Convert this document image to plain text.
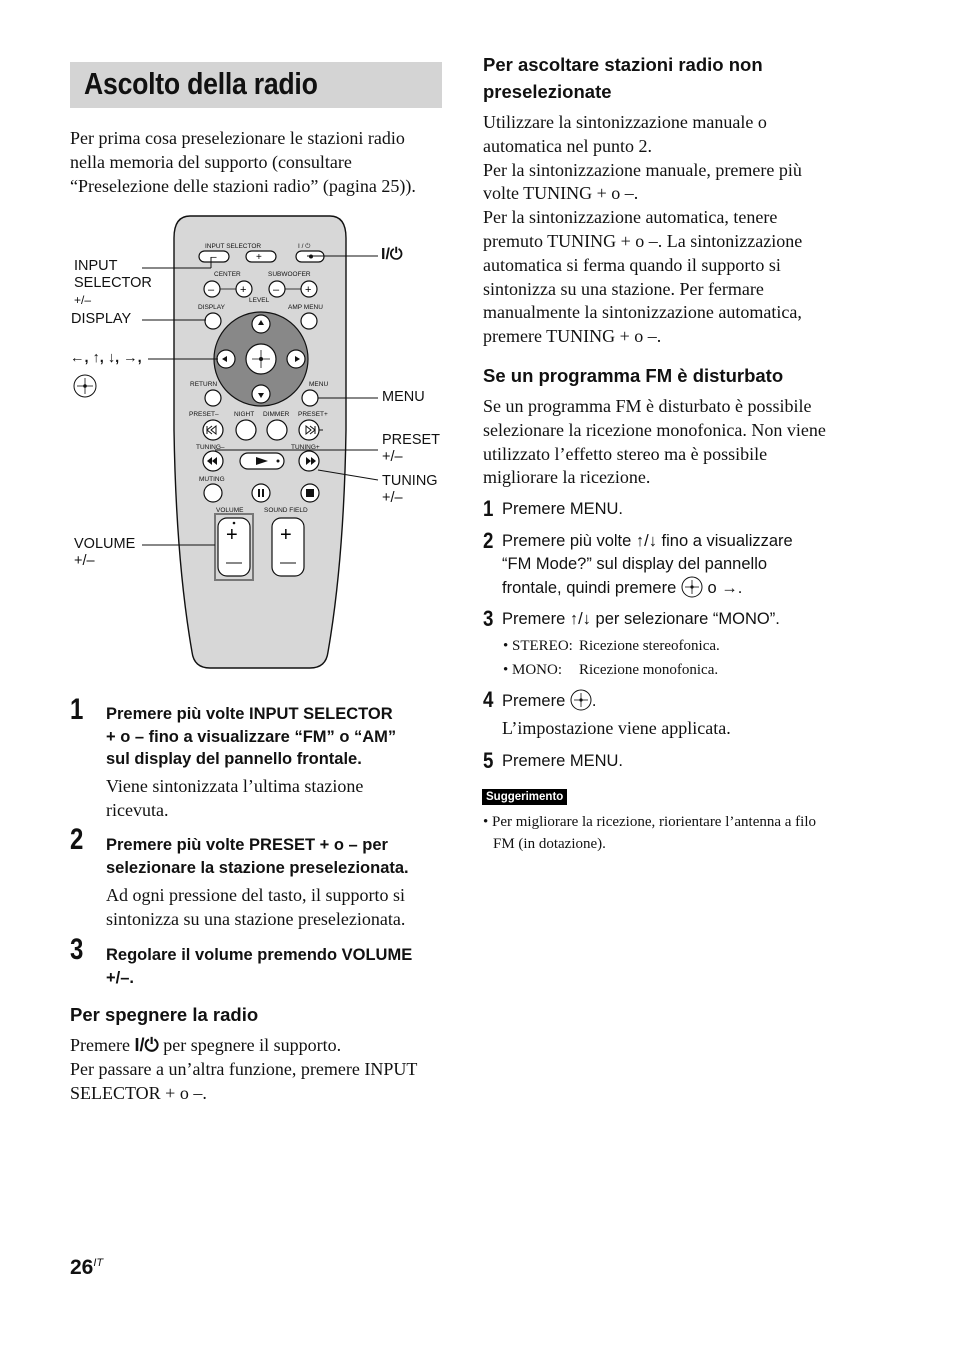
Ascolto della radio
Per prima cosa preselezionare le stazioni radio
nella memoria del supporto (consultare
“Preselezione delle stazioni radio” (pagina 25)).
INPUT SELECTOR
–	+
I / ⏻
CENTER	SUBWOOFER
– + – +
LEVEL
DISPLAY	AMP MENU
RETURN	MENU
PRESET– NIGHT DIMMER PRESET+
TUNING–	TUNING+
MUTING
VOLUME	SOUND FIELD
+ +
INPUT
SELECTOR
+/–
DISPLAY
←, ↑, ↓, →,
I/⏻
MENU
PRESET
+/–
TUNING
+/–
VOLUME
+/–
1 Premere più volte INPUT SELECTOR
+ o – fino a visualizzare “FM” o “AM”
sul display del pannello frontale.
Viene sintonizzata l’ultima stazione
ricevuta.
2 Premere più volte PRESET + o – per
selezionare la stazione preselezionata.
Ad ogni pressione del tasto, il supporto si
sintonizza su una stazione preselezionata.
3 Regolare il volume premendo VOLUME
+/–.
Per spegnere la radio
Premere I/⏻ per spegnere il supporto.
Per passare a un’altra funzione, premere INPUT
SELECTOR + o –.
Per ascoltare stazioni radio non
preselezionate
Utilizzare la sintonizzazione manuale o
automatica nel punto 2.
Per la sintonizzazione manuale, premere più
volte TUNING + o –.
Per la sintonizzazione automatica, tenere
premuto TUNING + o –. La sintonizzazione
automatica si ferma quando il supporto si
sintonizza su una stazione. Per fermare
manualmente la sintonizzazione automatica,
premere TUNING + o –.
Se un programma FM è disturbato
Se un programma FM è disturbato è possibile
selezionare la ricezione monofonica. Non viene
utilizzato l’effetto stereo ma è possibile
migliorare la ricezione.
1 Premere MENU.
2 Premere più volte ↑/↓ fino a visualizzare
“FM Mode?” sul display del pannello
frontale, quindi premere  o →.
3 Premere ↑/↓ per selezionare “MONO”.
• STEREO: Ricezione stereofonica.
• MONO: Ricezione monofonica.
4 Premere .
L’impostazione viene applicata.
5 Premere MENU.
Suggerimento
• Per migliorare la ricezione, riorientare l’antenna a filo
FM (in dotazione).
$26^{IT}$
